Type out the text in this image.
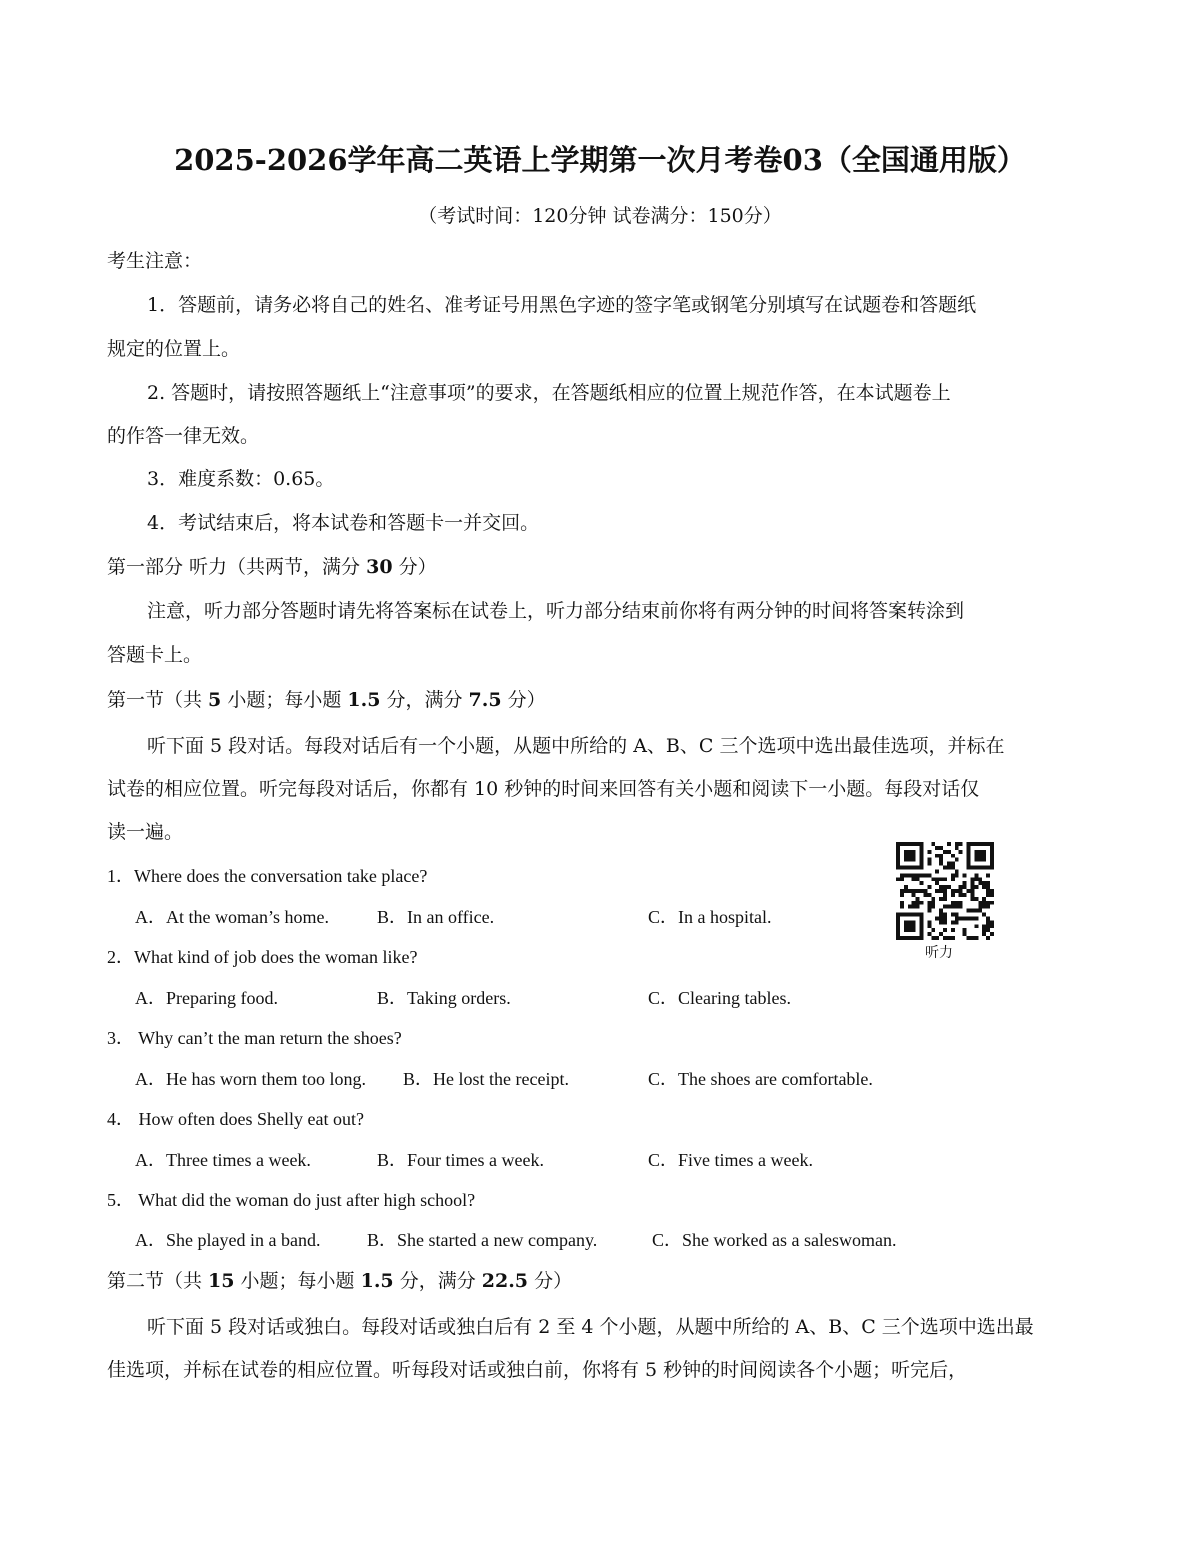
2025-2026学年高二英语上学期第一次月考卷03（全国通用版）
（考试时间：120分钟 试卷满分：150分）
考生注意：
1．答题前，请务必将自己的姓名、准考证号用黑色字迹的签字笔或钢笔分别填写在试题卷和答题纸
规定的位置上。
2. 答题时，请按照答题纸上“注意事项”的要求，在答题纸相应的位置上规范作答，在本试题卷上
的作答一律无效。
3．难度系数：0.65。
4．考试结束后，将本试卷和答题卡一并交回。
第一部分 听力（共两节，满分 30 分）
注意，听力部分答题时请先将答案标在试卷上，听力部分结束前你将有两分钟的时间将答案转涂到
答题卡上。
第一节（共 5 小题；每小题 1.5 分，满分 7.5 分）
听下面 5 段对话。每段对话后有一个小题，从题中所给的 A、B、C 三个选项中选出最佳选项，并标在
试卷的相应位置。听完每段对话后，你都有 10 秒钟的时间来回答有关小题和阅读下一小题。每段对话仅
读一遍。
1．Where does the conversation take place?
A．At the woman’s home.	B．In an office.	C．In a hospital.
2．What kind of job does the woman like?
A．Preparing food.	B．Taking orders.	C．Clearing tables.
3． Why can’t the man return the shoes?
A．He has worn them too long. B．He lost the receipt.	C．The shoes are comfortable.
4． How often does Shelly eat out?
A．Three times a week.	B．Four times a week.	C．Five times a week.
5． What did the woman do just after high school?
A．She played in a band.	B．She started a new company.	C．She worked as a saleswoman.
听力
第二节（共 15 小题；每小题 1.5 分，满分 22.5 分）
听下面 5 段对话或独白。每段对话或独白后有 2 至 4 个小题，从题中所给的 A、B、C 三个选项中选出最
佳选项，并标在试卷的相应位置。听每段对话或独白前，你将有 5 秒钟的时间阅读各个小题；听完后，
